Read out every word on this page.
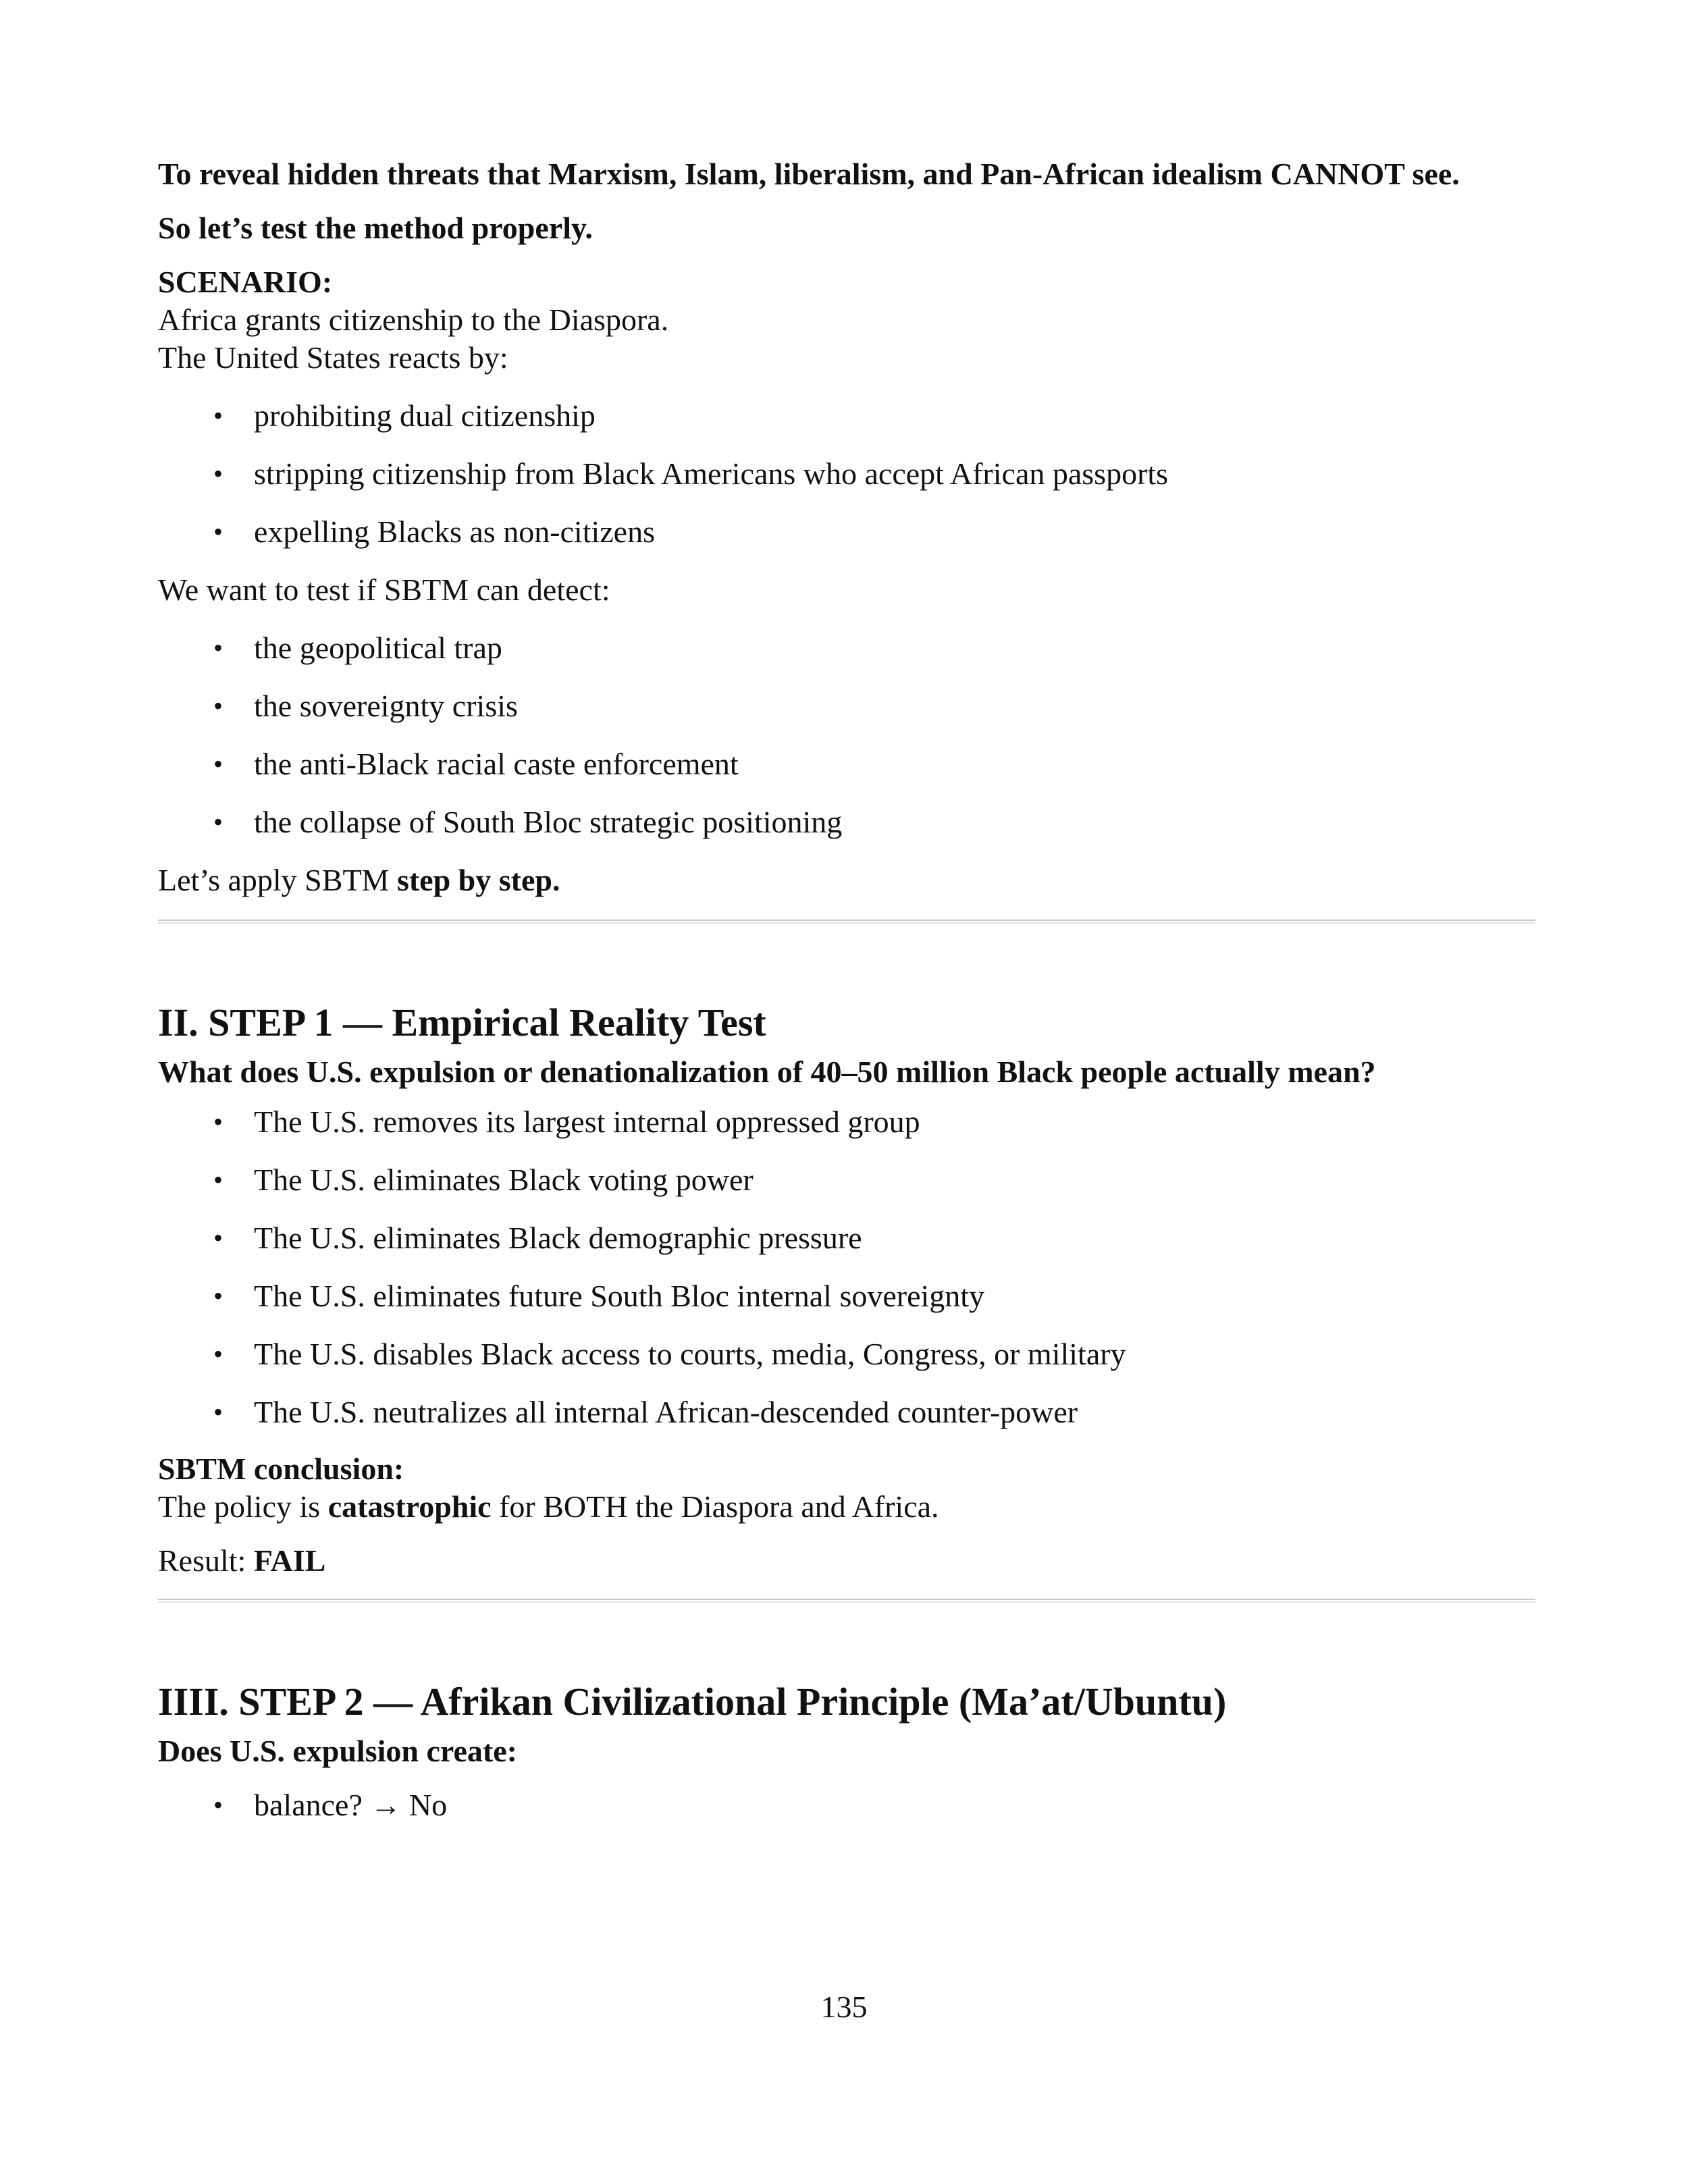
To reveal hidden threats that Marxism, Islam, liberalism, and Pan-African idealism CANNOT see.

So let’s test the method properly.

SCENARIO:

Africa grants citizenship to the Diaspora.

The United States reacts by:

• prohibiting dual citizenship
• stripping citizenship from Black Americans who accept African passports
• expelling Blacks as non-citizens

We want to test if SBTM can detect:

• the geopolitical trap
• the sovereignty crisis
• the anti-Black racial caste enforcement
• the collapse of South Bloc strategic positioning

Let’s apply SBTM step by step.

II. STEP 1 — Empirical Reality Test

What does U.S. expulsion or denationalization of 40–50 million Black people actually mean?

• The U.S. removes its largest internal oppressed group
• The U.S. eliminates Black voting power
• The U.S. eliminates Black demographic pressure
• The U.S. eliminates future South Bloc internal sovereignty
• The U.S. disables Black access to courts, media, Congress, or military
• The U.S. neutralizes all internal African-descended counter-power

SBTM conclusion:

The policy is catastrophic for BOTH the Diaspora and Africa.

Result: FAIL

IIII. STEP 2 — Afrikan Civilizational Principle (Ma’at/Ubuntu)

Does U.S. expulsion create:

• balance? → No
135
